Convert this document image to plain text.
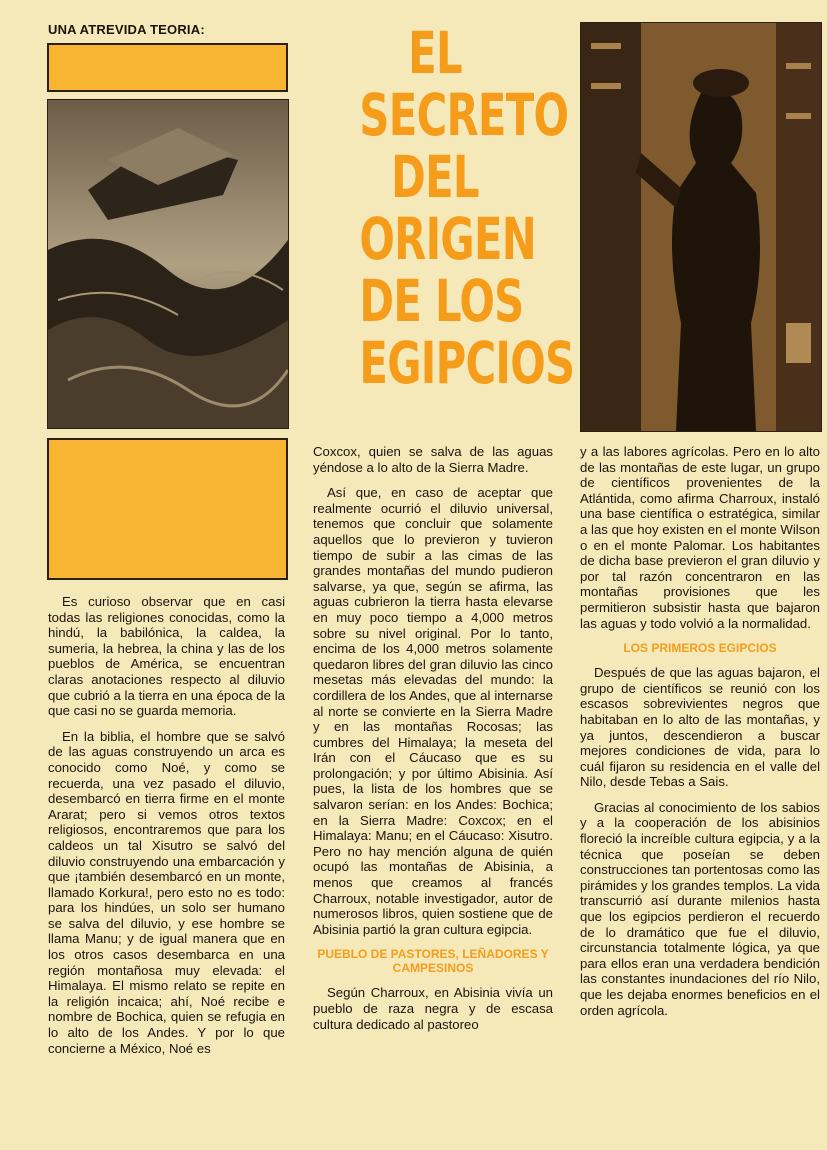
UNA ATREVIDA TEORIA:	EL
SECRETO
DEL
ORIGEN
DE LOS
EGIPCIOS

Es curioso observar que en casi todas las religiones conocidas, como la hindú, la babilónica, la caldea, la sumeria, la hebrea, la china y las de los pueblos de América, se encuentran claras anotaciones respecto al diluvio que cubrió a la tierra en una época de la que casi no se guarda memoria.

En la biblia, el hombre que se salvó de las aguas construyendo un arca es conocido como Noé, y como se recuerda, una vez pasado el diluvio, desembarcó en tierra firme en el monte Ararat; pero si vemos otros textos religiosos, encontraremos que para los caldeos un tal Xisutro se salvó del diluvio construyendo una embarcación y que ¡también desembarcó en un monte, llamado Korkura!, pero esto no es todo: para los hindúes, un solo ser humano se salva del diluvio, y ese hombre se llama Manu; y de igual manera que en los otros casos desembarca en una región montañosa muy elevada: el Himalaya. El mismo relato se repite en la religión incaica; ahí, Noé recibe e nombre de Bochica, quien se refugia en lo alto de los Andes. Y por lo que concierne a México, Noé es

Coxcox, quien se salva de las aguas yéndose a lo alto de la Sierra Madre.

Así que, en caso de aceptar que realmente ocurrió el diluvio universal, tenemos que concluir que solamente aquellos que lo previeron y tuvieron tiempo de subir a las cimas de las grandes montañas del mundo pudieron salvarse, ya que, según se afirma, las aguas cubrieron la tierra hasta elevarse en muy poco tiempo a 4,000 metros sobre su nivel original. Por lo tanto, encima de los 4,000 metros solamente quedaron libres del gran diluvio las cinco mesetas más elevadas del mundo: la cordillera de los Andes, que al internarse al norte se convierte en la Sierra Madre y en las montañas Rocosas; las cumbres del Himalaya; la meseta del Irán con el Cáucaso que es su prolongación; y por último Abisinia. Así pues, la lista de los hombres que se salvaron serían: en los Andes: Bochica; en la Sierra Madre: Coxcox; en el Himalaya: Manu; en el Cáucaso: Xisutro. Pero no hay mención alguna de quién ocupó las montañas de Abisinia, a menos que creamos al francés Charroux, notable investigador, autor de numerosos libros, quien sostiene que de Abisinia partió la gran cultura egipcia.

PUEBLO DE PASTORES, LEÑADORES Y CAMPESINOS

Según Charroux, en Abisinia vivía un pueblo de raza negra y de escasa cultura dedicado al pastoreo

y a las labores agrícolas. Pero en lo alto de las montañas de este lugar, un grupo de científicos provenientes de la Atlántida, como afirma Charroux, instaló una base científica o estratégica, similar a las que hoy existen en el monte Wilson o en el monte Palomar. Los habitantes de dicha base previeron el gran diluvio y por tal razón concentraron en las montañas provisiones que les permitieron subsistir hasta que bajaron las aguas y todo volvió a la normalidad.

LOS PRIMEROS EGIPCIOS

Después de que las aguas bajaron, el grupo de científicos se reunió con los escasos sobrevivientes negros que habitaban en lo alto de las montañas, y ya juntos, descendieron a buscar mejores condiciones de vida, para lo cuál fijaron su residencia en el valle del Nilo, desde Tebas a Sais.

Gracias al conocimiento de los sabios y a la cooperación de los abisinios floreció la increíble cultura egipcia, y a la técnica que poseían se deben construcciones tan portentosas como las pirámides y los grandes templos. La vida transcurrió así durante milenios hasta que los egipcios perdieron el recuerdo de lo dramático que fue el diluvio, circunstancia totalmente lógica, ya que para ellos eran una verdadera bendición las constantes inundaciones del río Nilo, que les dejaba enormes beneficios en el orden agrícola.
